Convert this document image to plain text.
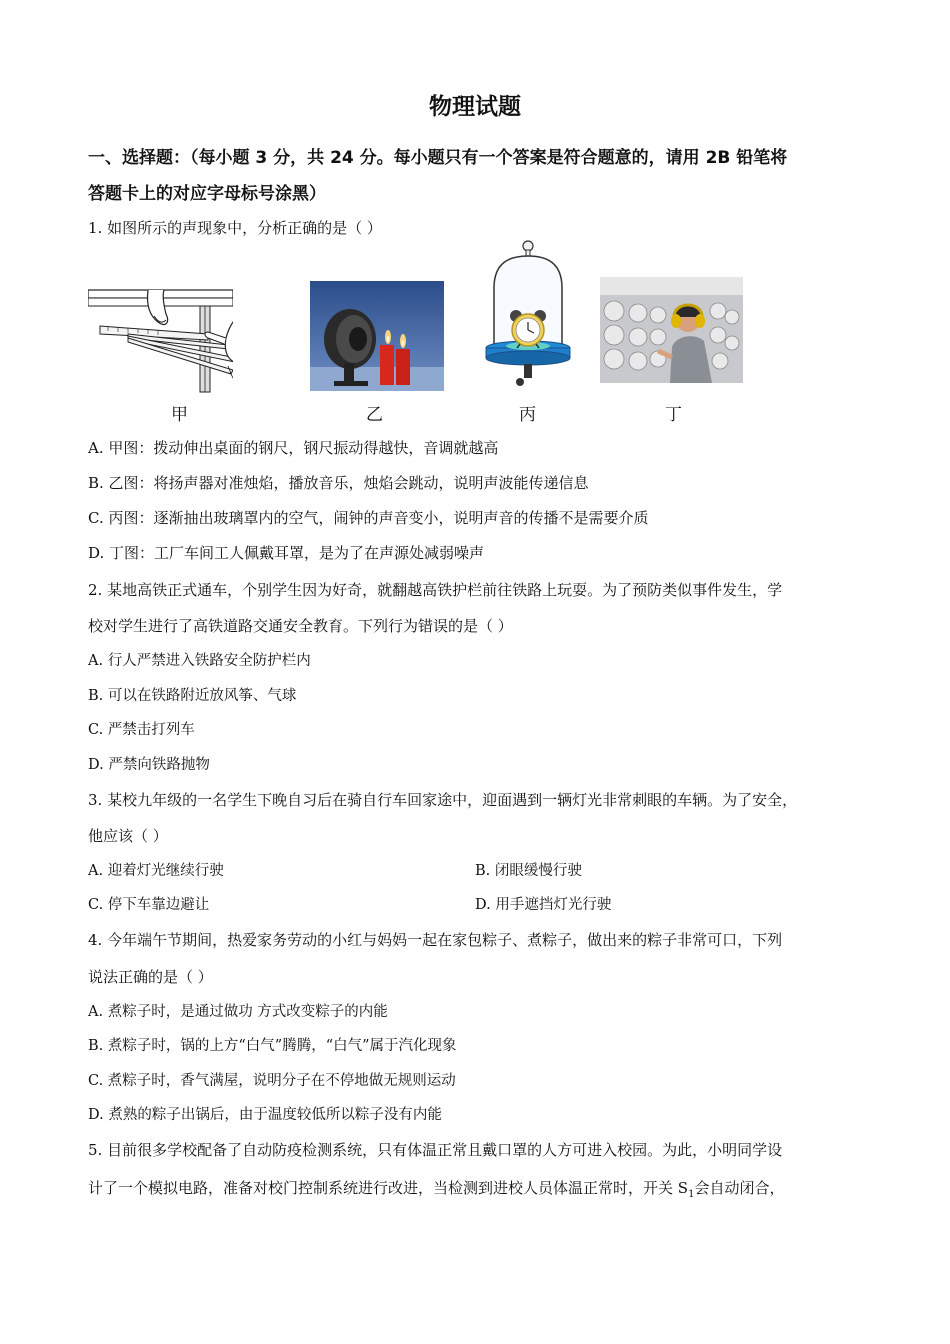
物理试题
一、选择题：（每小题 3 分，共 24 分。每小题只有一个答案是符合题意的，请用 2B 铅笔将
答题卡上的对应字母标号涂黑）
1. 如图所示的声现象中，分析正确的是（ ）
甲	乙	丙	丁
A. 甲图：拨动伸出桌面的钢尺，钢尺振动得越快，音调就越高
B. 乙图：将扬声器对准烛焰，播放音乐，烛焰会跳动，说明声波能传递信息
C. 丙图：逐渐抽出玻璃罩内的空气，闹钟的声音变小，说明声音的传播不是需要介质
D. 丁图：工厂车间工人佩戴耳罩，是为了在声源处减弱噪声
2. 某地高铁正式通车，个别学生因为好奇，就翻越高铁护栏前往铁路上玩耍。为了预防类似事件发生，学
校对学生进行了高铁道路交通安全教育。下列行为错误的是（ ）
A. 行人严禁进入铁路安全防护栏内
B. 可以在铁路附近放风筝、气球
C. 严禁击打列车
D. 严禁向铁路抛物
3. 某校九年级的一名学生下晚自习后在骑自行车回家途中，迎面遇到一辆灯光非常刺眼的车辆。为了安全，
他应该（ ）
A. 迎着灯光继续行驶	B. 闭眼缓慢行驶
C. 停下车靠边避让	D. 用手遮挡灯光行驶
4. 今年端午节期间，热爱家务劳动的小红与妈妈一起在家包粽子、煮粽子，做出来的粽子非常可口，下列
说法正确的是（ ）
A. 煮粽子时，是通过做功 方式改变粽子的内能
B. 煮粽子时，锅的上方“白气”腾腾，“白气”属于汽化现象
C. 煮粽子时，香气满屋，说明分子在不停地做无规则运动
D. 煮熟的粽子出锅后，由于温度较低所以粽子没有内能
5. 目前很多学校配备了自动防疫检测系统，只有体温正常且戴口罩的人方可进入校园。为此，小明同学设
计了一个模拟电路，准备对校门控制系统进行改进，当检测到进校人员体温正常时，开关 $S_1$会自动闭合，
